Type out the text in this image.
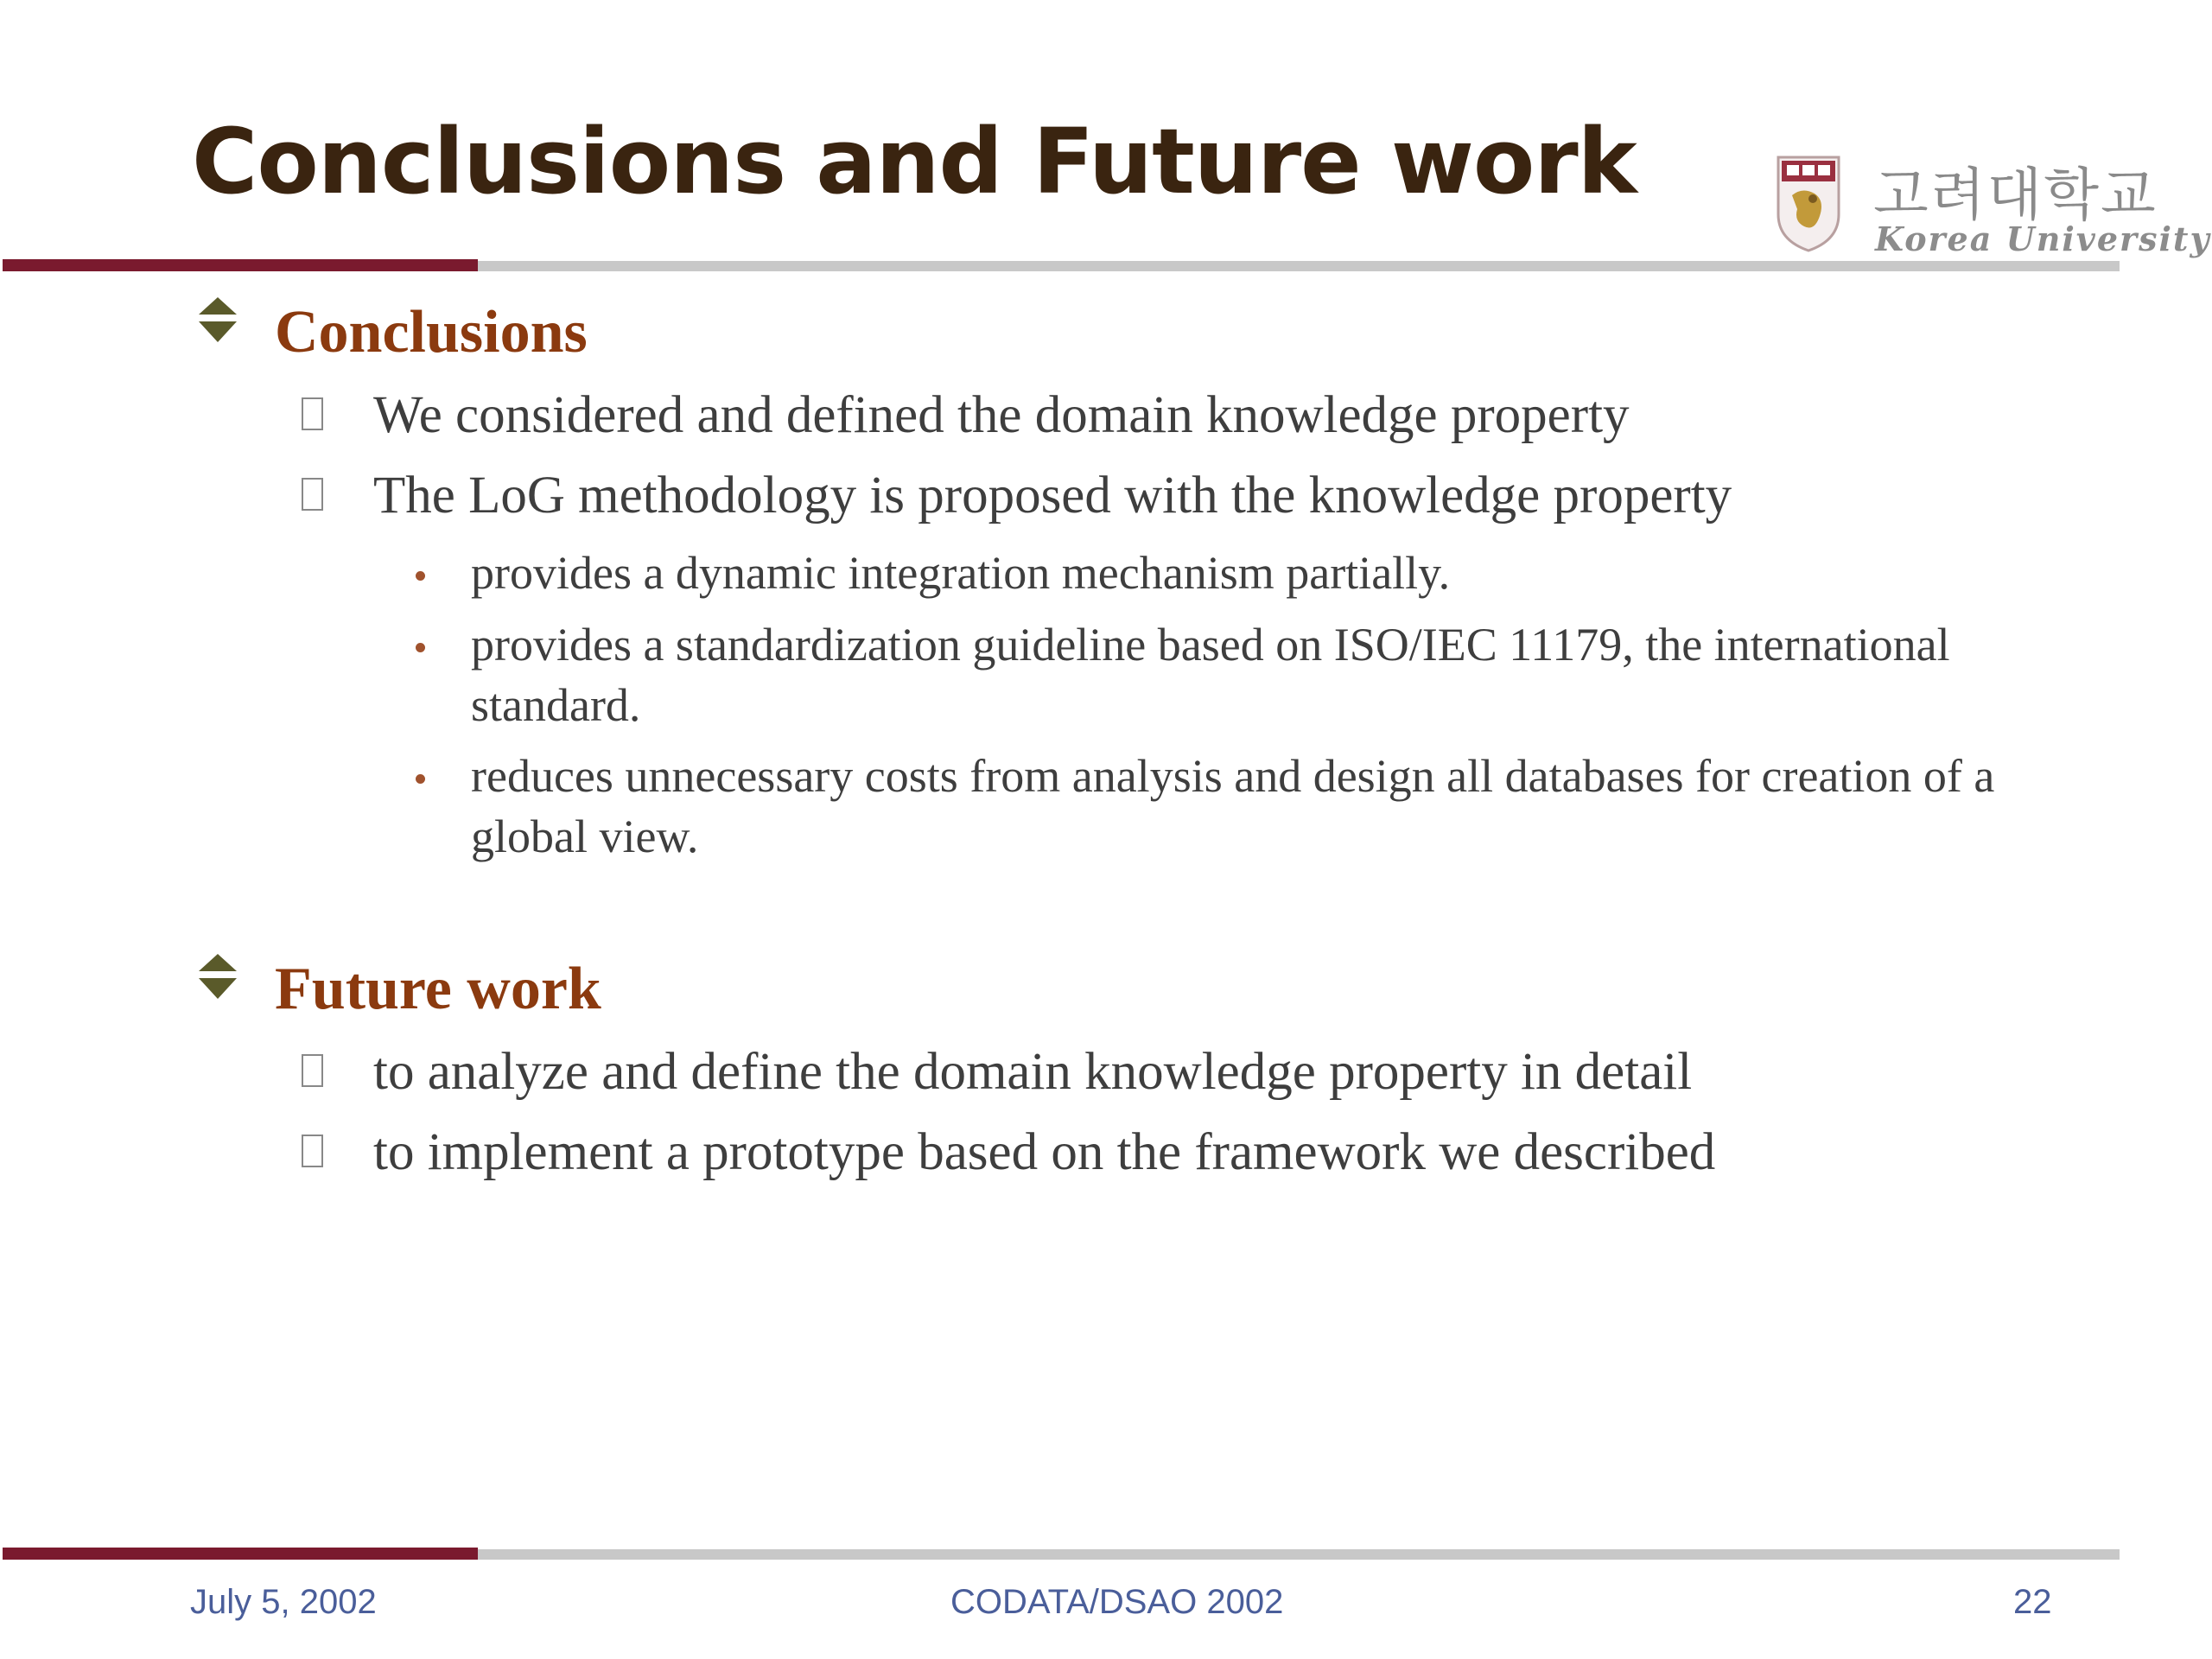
Conclusions and Future work	고려대학교
Korea University
Conclusions
We considered and defined the domain knowledge property
The LoG methodology is proposed with the knowledge property
provides a dynamic integration mechanism partially.
provides a standardization guideline based on ISO/IEC 11179, the international standard.
reduces unnecessary costs from analysis and design all databases for creation of a global view.
Future work
to analyze and define the domain knowledge property in detail
to implement a prototype based on the framework we described
July 5, 2002	CODATA/DSAO 2002	22
